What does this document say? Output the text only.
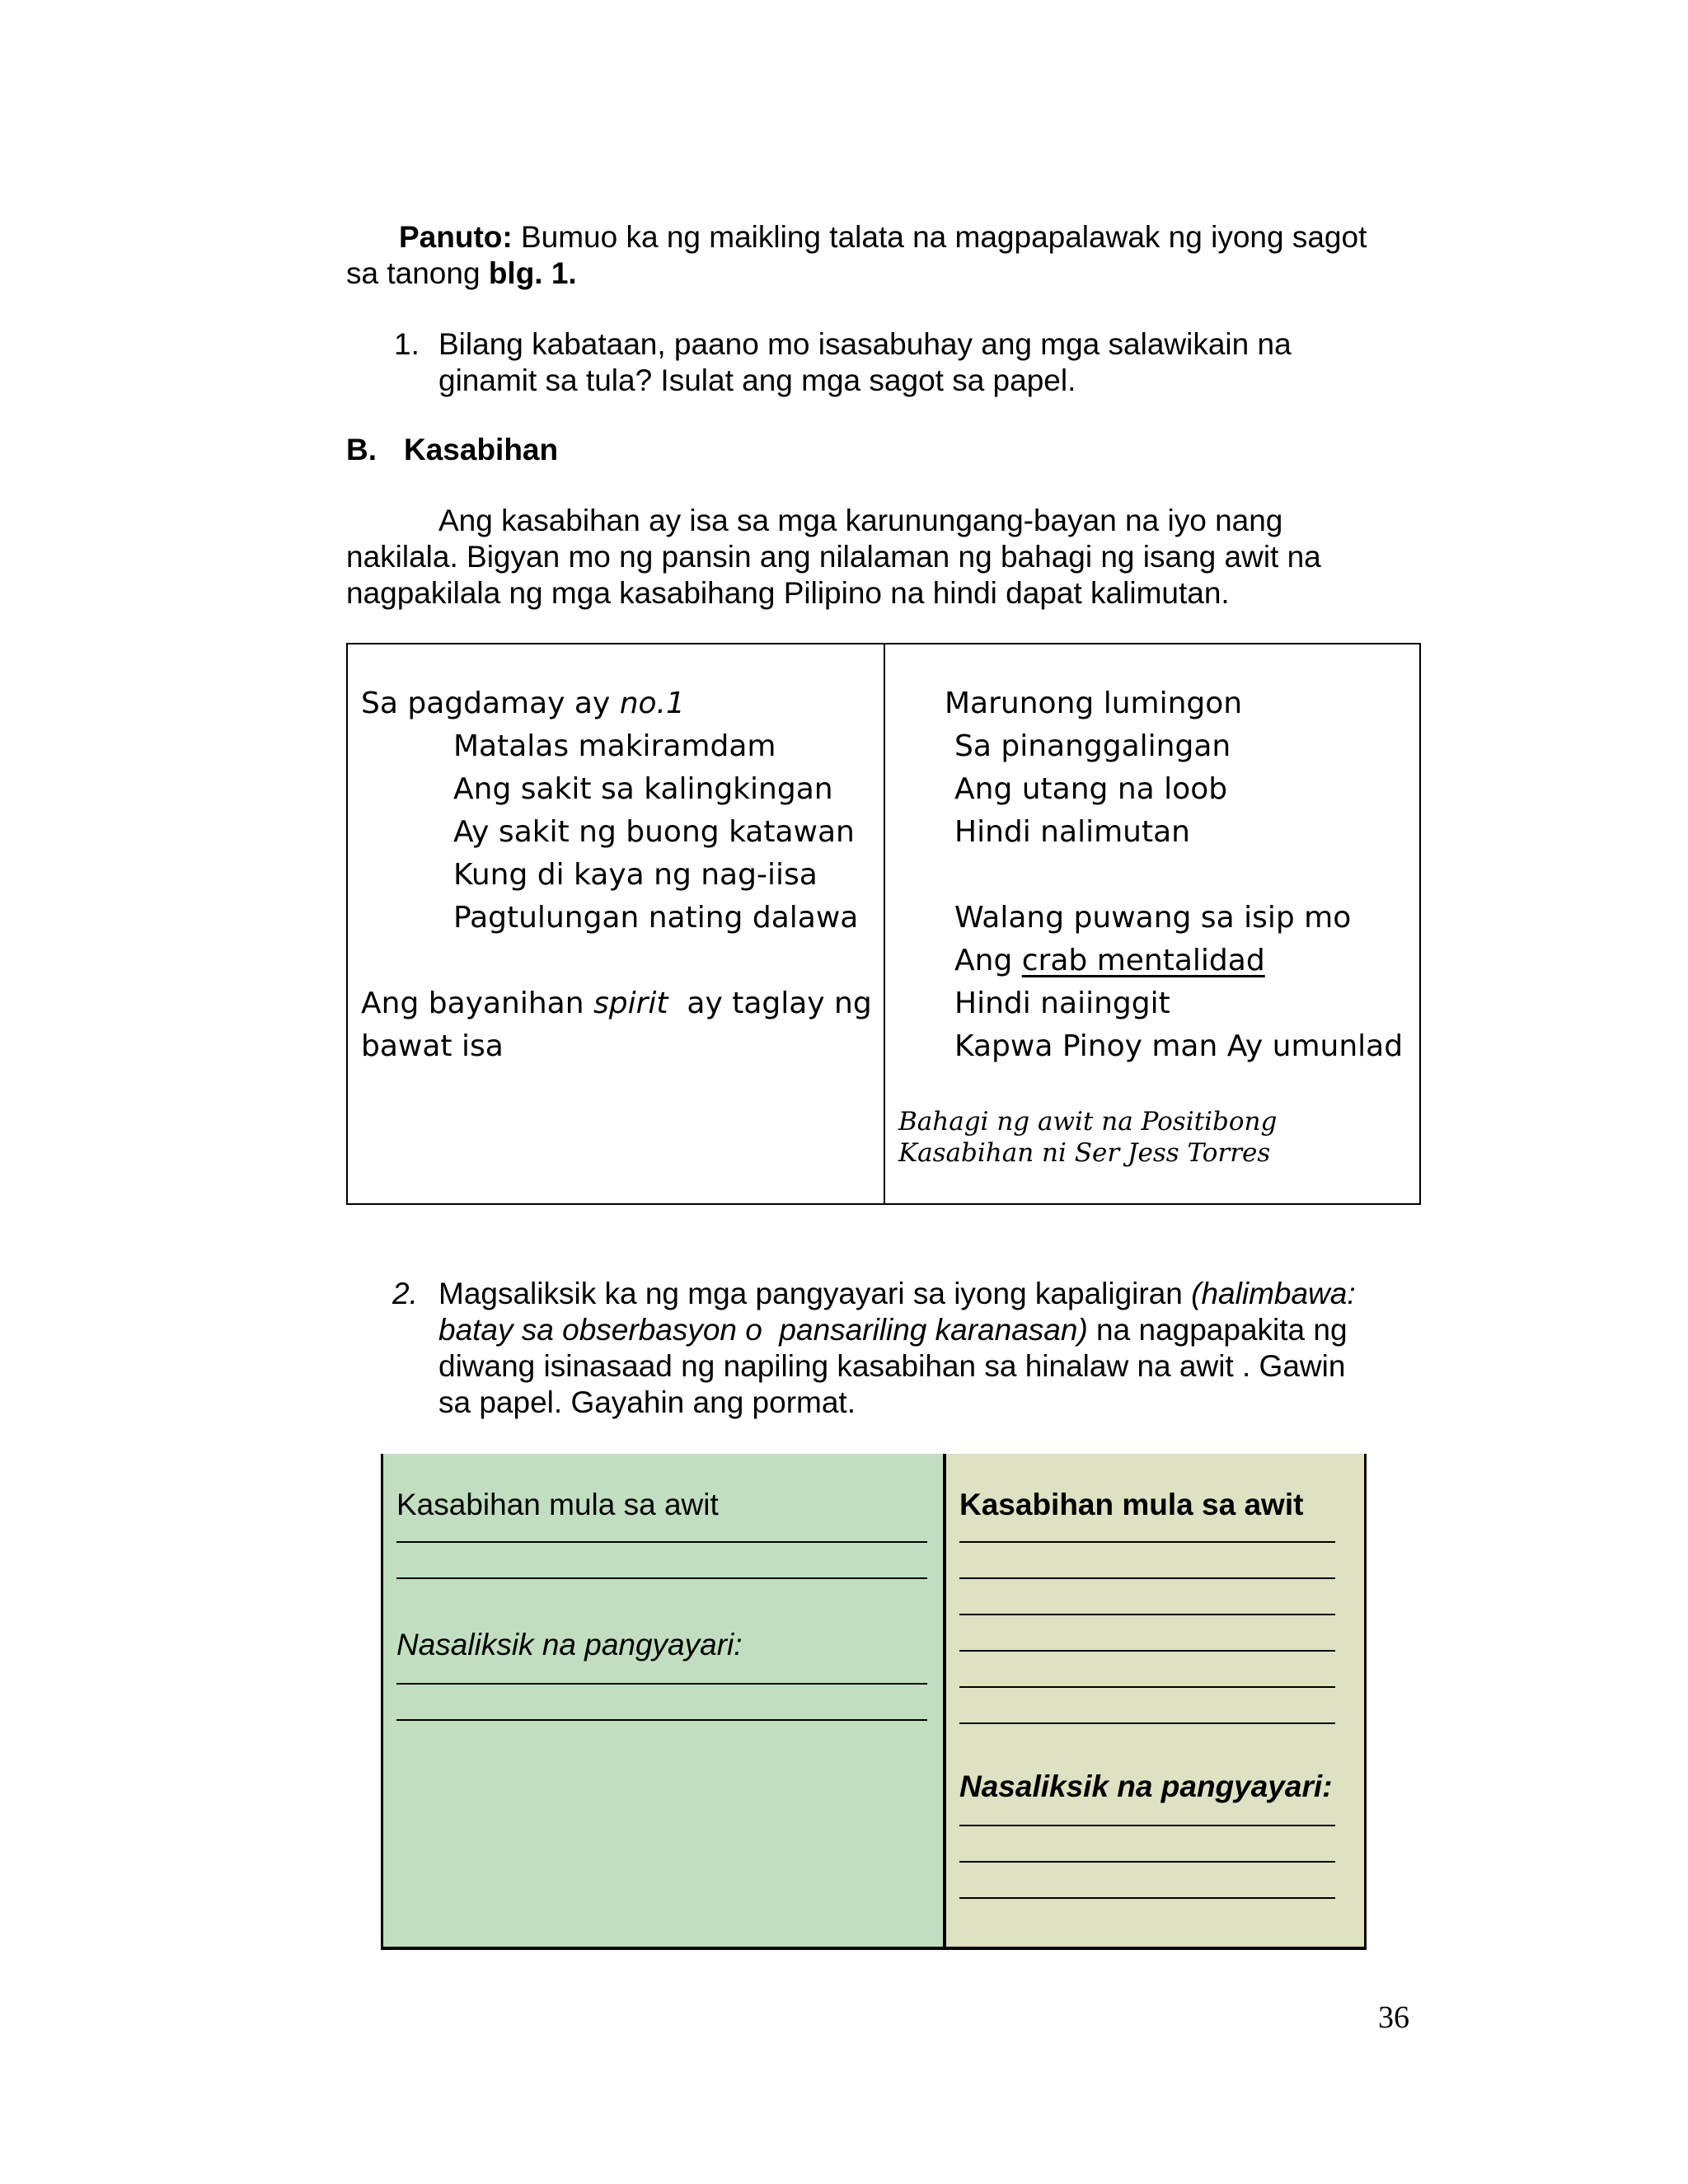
Panuto: Bumuo ka ng maikling talata na magpapalawak ng iyong sagot

sa tanong blg. 1.

1. Bilang kabataan, paano mo isasabuhay ang mga salawikain na

ginamit sa tula? Isulat ang mga sagot sa papel.

B. Kasabihan

Ang kasabihan ay isa sa mga karunungang-bayan na iyo nang

nakilala. Bigyan mo ng pansin ang nilalaman ng bahagi ng isang awit na

nagpakilala ng mga kasabihang Pilipino na hindi dapat kalimutan.

Sa pagdamay ay no.1
Matalas makiramdam
Ang sakit sa kalingkingan
Ay sakit ng buong katawan
Kung di kaya ng nag-iisa
Pagtulungan nating dalawa
Ang bayanihan spirit  ay taglay ng
bawat isa
Marunong lumingon
Sa pinanggalingan
Ang utang na loob
Hindi nalimutan
Walang puwang sa isip mo
Ang crab mentalidad
Hindi naiinggit
Kapwa Pinoy man Ay umunlad
Bahagi ng awit na Positibong
Kasabihan ni Ser Jess Torres

2. Magsaliksik ka ng mga pangyayari sa iyong kapaligiran (halimbawa:

batay sa obserbasyon o  pansariling karanasan) na nagpapakita ng

diwang isinasaad ng napiling kasabihan sa hinalaw na awit . Gawin

sa papel. Gayahin ang pormat.

Kasabihan mula sa awit
Nasaliksik na pangyayari:
Kasabihan mula sa awit
Nasaliksik na pangyayari:

36
